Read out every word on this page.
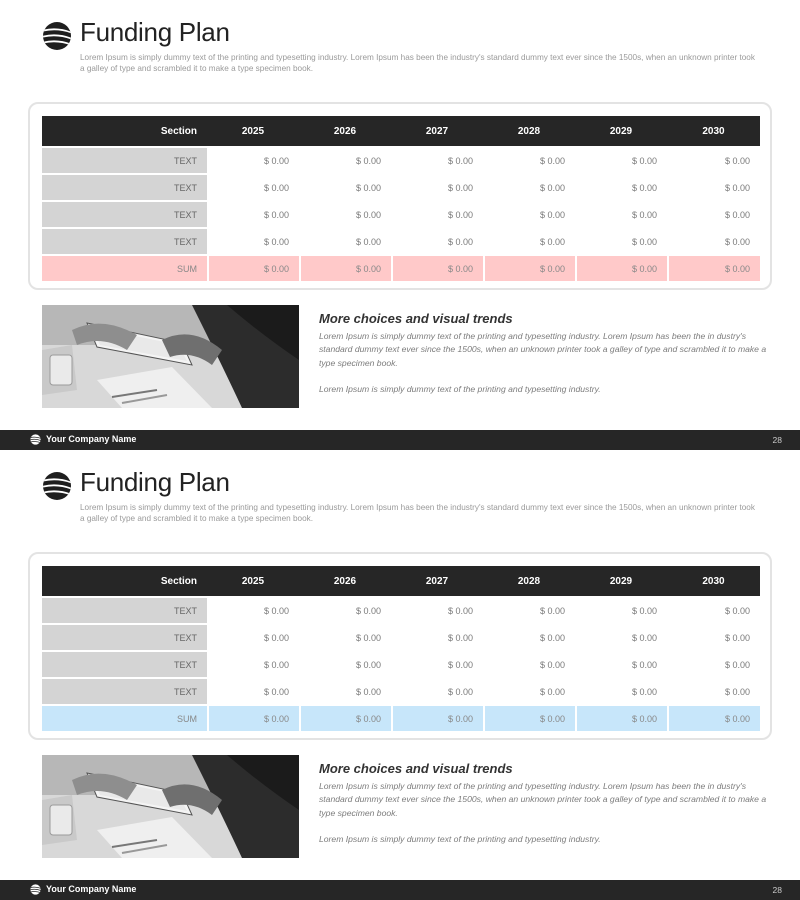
Funding Plan
Lorem Ipsum is simply dummy text of the printing and typesetting industry. Lorem Ipsum has been the industry's standard dummy text ever since the 1500s, when an unknown printer took a galley of type and scrambled it to make a type specimen book.
Section	2025	2026	2027	2028	2029	2030
TEXT	$ 0.00	$ 0.00	$ 0.00	$ 0.00	$ 0.00	$ 0.00
TEXT	$ 0.00	$ 0.00	$ 0.00	$ 0.00	$ 0.00	$ 0.00
TEXT	$ 0.00	$ 0.00	$ 0.00	$ 0.00	$ 0.00	$ 0.00
TEXT	$ 0.00	$ 0.00	$ 0.00	$ 0.00	$ 0.00	$ 0.00
SUM	$ 0.00	$ 0.00	$ 0.00	$ 0.00	$ 0.00	$ 0.00
More choices and visual trends
Lorem Ipsum is simply dummy text of the printing and typesetting industry. Lorem Ipsum has been the in dustry's standard dummy text ever since the 1500s, when an unknown printer took a galley of type and scrambled it to make a type specimen book.
Lorem Ipsum is simply dummy text of the printing and typesetting industry.
Your Company Name	28
Funding Plan
Lorem Ipsum is simply dummy text of the printing and typesetting industry. Lorem Ipsum has been the industry's standard dummy text ever since the 1500s, when an unknown printer took a galley of type and scrambled it to make a type specimen book.
Section	2025	2026	2027	2028	2029	2030
TEXT	$ 0.00	$ 0.00	$ 0.00	$ 0.00	$ 0.00	$ 0.00
TEXT	$ 0.00	$ 0.00	$ 0.00	$ 0.00	$ 0.00	$ 0.00
TEXT	$ 0.00	$ 0.00	$ 0.00	$ 0.00	$ 0.00	$ 0.00
TEXT	$ 0.00	$ 0.00	$ 0.00	$ 0.00	$ 0.00	$ 0.00
SUM	$ 0.00	$ 0.00	$ 0.00	$ 0.00	$ 0.00	$ 0.00
More choices and visual trends
Lorem Ipsum is simply dummy text of the printing and typesetting industry. Lorem Ipsum has been the in dustry's standard dummy text ever since the 1500s, when an unknown printer took a galley of type and scrambled it to make a type specimen book.
Lorem Ipsum is simply dummy text of the printing and typesetting industry.
Your Company Name	28
